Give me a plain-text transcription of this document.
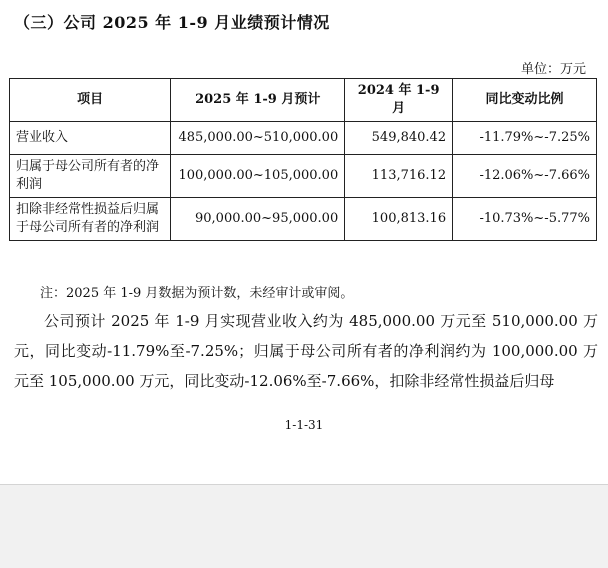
（三）公司 2025 年 1-9 月业绩预计情况
单位：万元
项目	2025 年 1-9 月预计	2024 年 1-9 月	同比变动比例
营业收入	485,000.00~510,000.00	549,840.42	-11.79%~-7.25%
归属于母公司所有者的净利润	100,000.00~105,000.00	113,716.12	-12.06%~-7.66%
扣除非经常性损益后归属于母公司所有者的净利润	90,000.00~95,000.00	100,813.16	-10.73%~-5.77%
注：2025 年 1-9 月数据为预计数，未经审计或审阅。
公司预计 2025 年 1-9 月实现营业收入约为 485,000.00 万元至 510,000.00 万元，同比变动-11.79%至-7.25%；归属于母公司所有者的净利润约为 100,000.00 万元至 105,000.00 万元，同比变动-12.06%至-7.66%，扣除非经常性损益后归母
1-1-31
